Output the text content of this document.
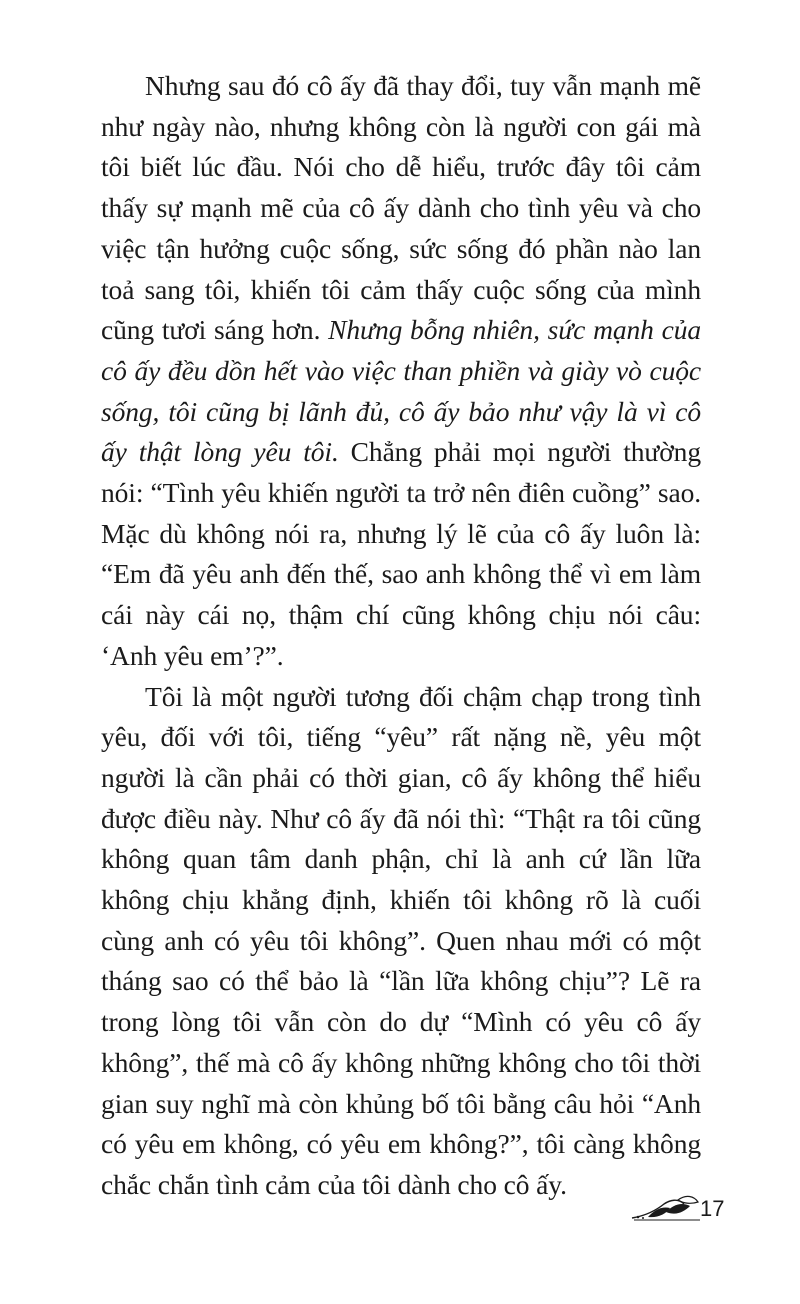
Nhưng sau đó cô ấy đã thay đổi, tuy vẫn mạnh mẽ như ngày nào, nhưng không còn là người con gái mà tôi biết lúc đầu. Nói cho dễ hiểu, trước đây tôi cảm thấy sự mạnh mẽ của cô ấy dành cho tình yêu và cho việc tận hưởng cuộc sống, sức sống đó phần nào lan toả sang tôi, khiến tôi cảm thấy cuộc sống của mình cũng tươi sáng hơn. Nhưng bỗng nhiên, sức mạnh của cô ấy đều dồn hết vào việc than phiền và giày vò cuộc sống, tôi cũng bị lãnh đủ, cô ấy bảo như vậy là vì cô ấy thật lòng yêu tôi. Chẳng phải mọi người thường nói: “Tình yêu khiến người ta trở nên điên cuồng” sao. Mặc dù không nói ra, nhưng lý lẽ của cô ấy luôn là: “Em đã yêu anh đến thế, sao anh không thể vì em làm cái này cái nọ, thậm chí cũng không chịu nói câu: ‘Anh yêu em’?”.

Tôi là một người tương đối chậm chạp trong tình yêu, đối với tôi, tiếng “yêu” rất nặng nề, yêu một người là cần phải có thời gian, cô ấy không thể hiểu được điều này. Như cô ấy đã nói thì: “Thật ra tôi cũng không quan tâm danh phận, chỉ là anh cứ lần lữa không chịu khẳng định, khiến tôi không rõ là cuối cùng anh có yêu tôi không”. Quen nhau mới có một tháng sao có thể bảo là “lần lữa không chịu”? Lẽ ra trong lòng tôi vẫn còn do dự “Mình có yêu cô ấy không”, thế mà cô ấy không những không cho tôi thời gian suy nghĩ mà còn khủng bố tôi bằng câu hỏi “Anh có yêu em không, có yêu em không?”, tôi càng không chắc chắn tình cảm của tôi dành cho cô ấy.

17
